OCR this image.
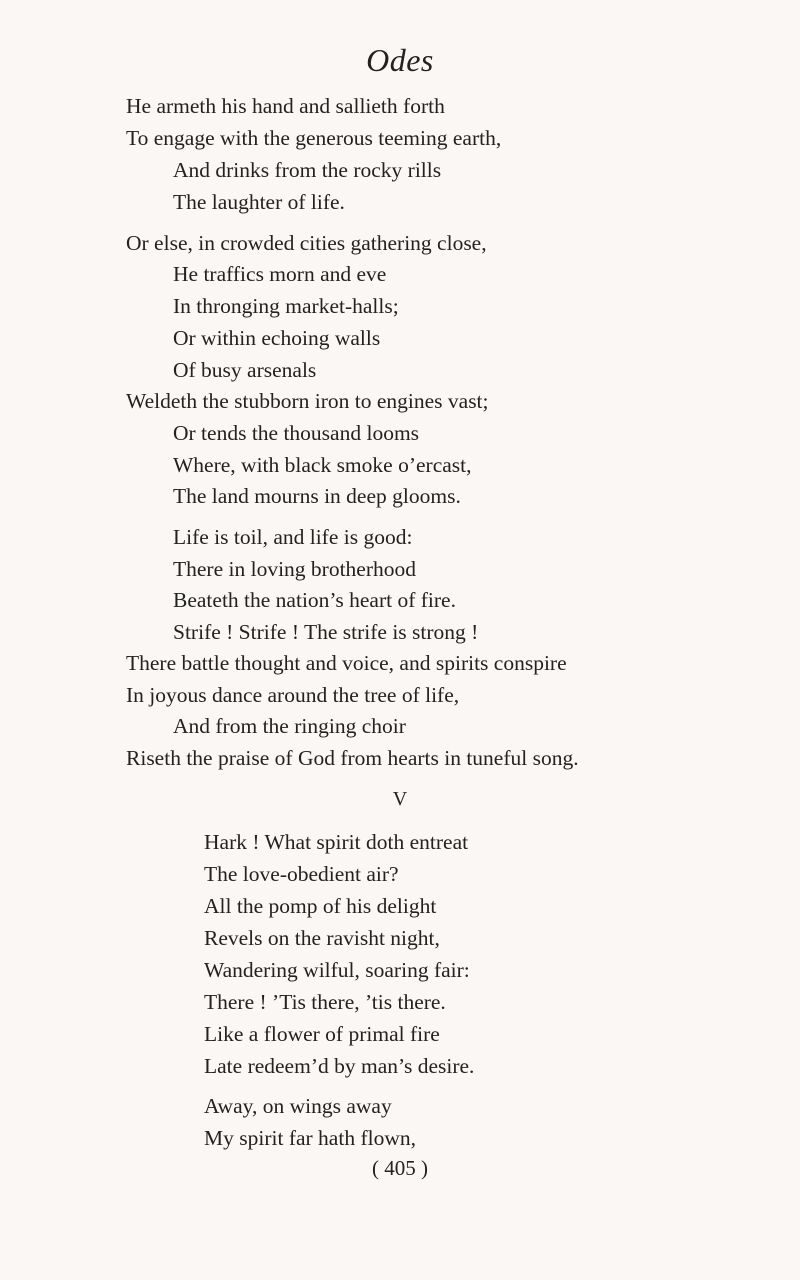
Odes
He armeth his hand and sallieth forth
To engage with the generous teeming earth,
And drinks from the rocky rills
The laughter of life.
Or else, in crowded cities gathering close,
He traffics morn and eve
In thronging market-halls;
Or within echoing walls
Of busy arsenals
Weldeth the stubborn iron to engines vast;
Or tends the thousand looms
Where, with black smoke o’ercast,
The land mourns in deep glooms.
Life is toil, and life is good:
There in loving brotherhood
Beateth the nation’s heart of fire.
Strife ! Strife ! The strife is strong !
There battle thought and voice, and spirits conspire
In joyous dance around the tree of life,
And from the ringing choir
Riseth the praise of God from hearts in tuneful song.
V
Hark ! What spirit doth entreat
The love-obedient air?
All the pomp of his delight
Revels on the ravisht night,
Wandering wilful, soaring fair:
There ! ’Tis there, ’tis there.
Like a flower of primal fire
Late redeem’d by man’s desire.
Away, on wings away
My spirit far hath flown,
( 405 )
